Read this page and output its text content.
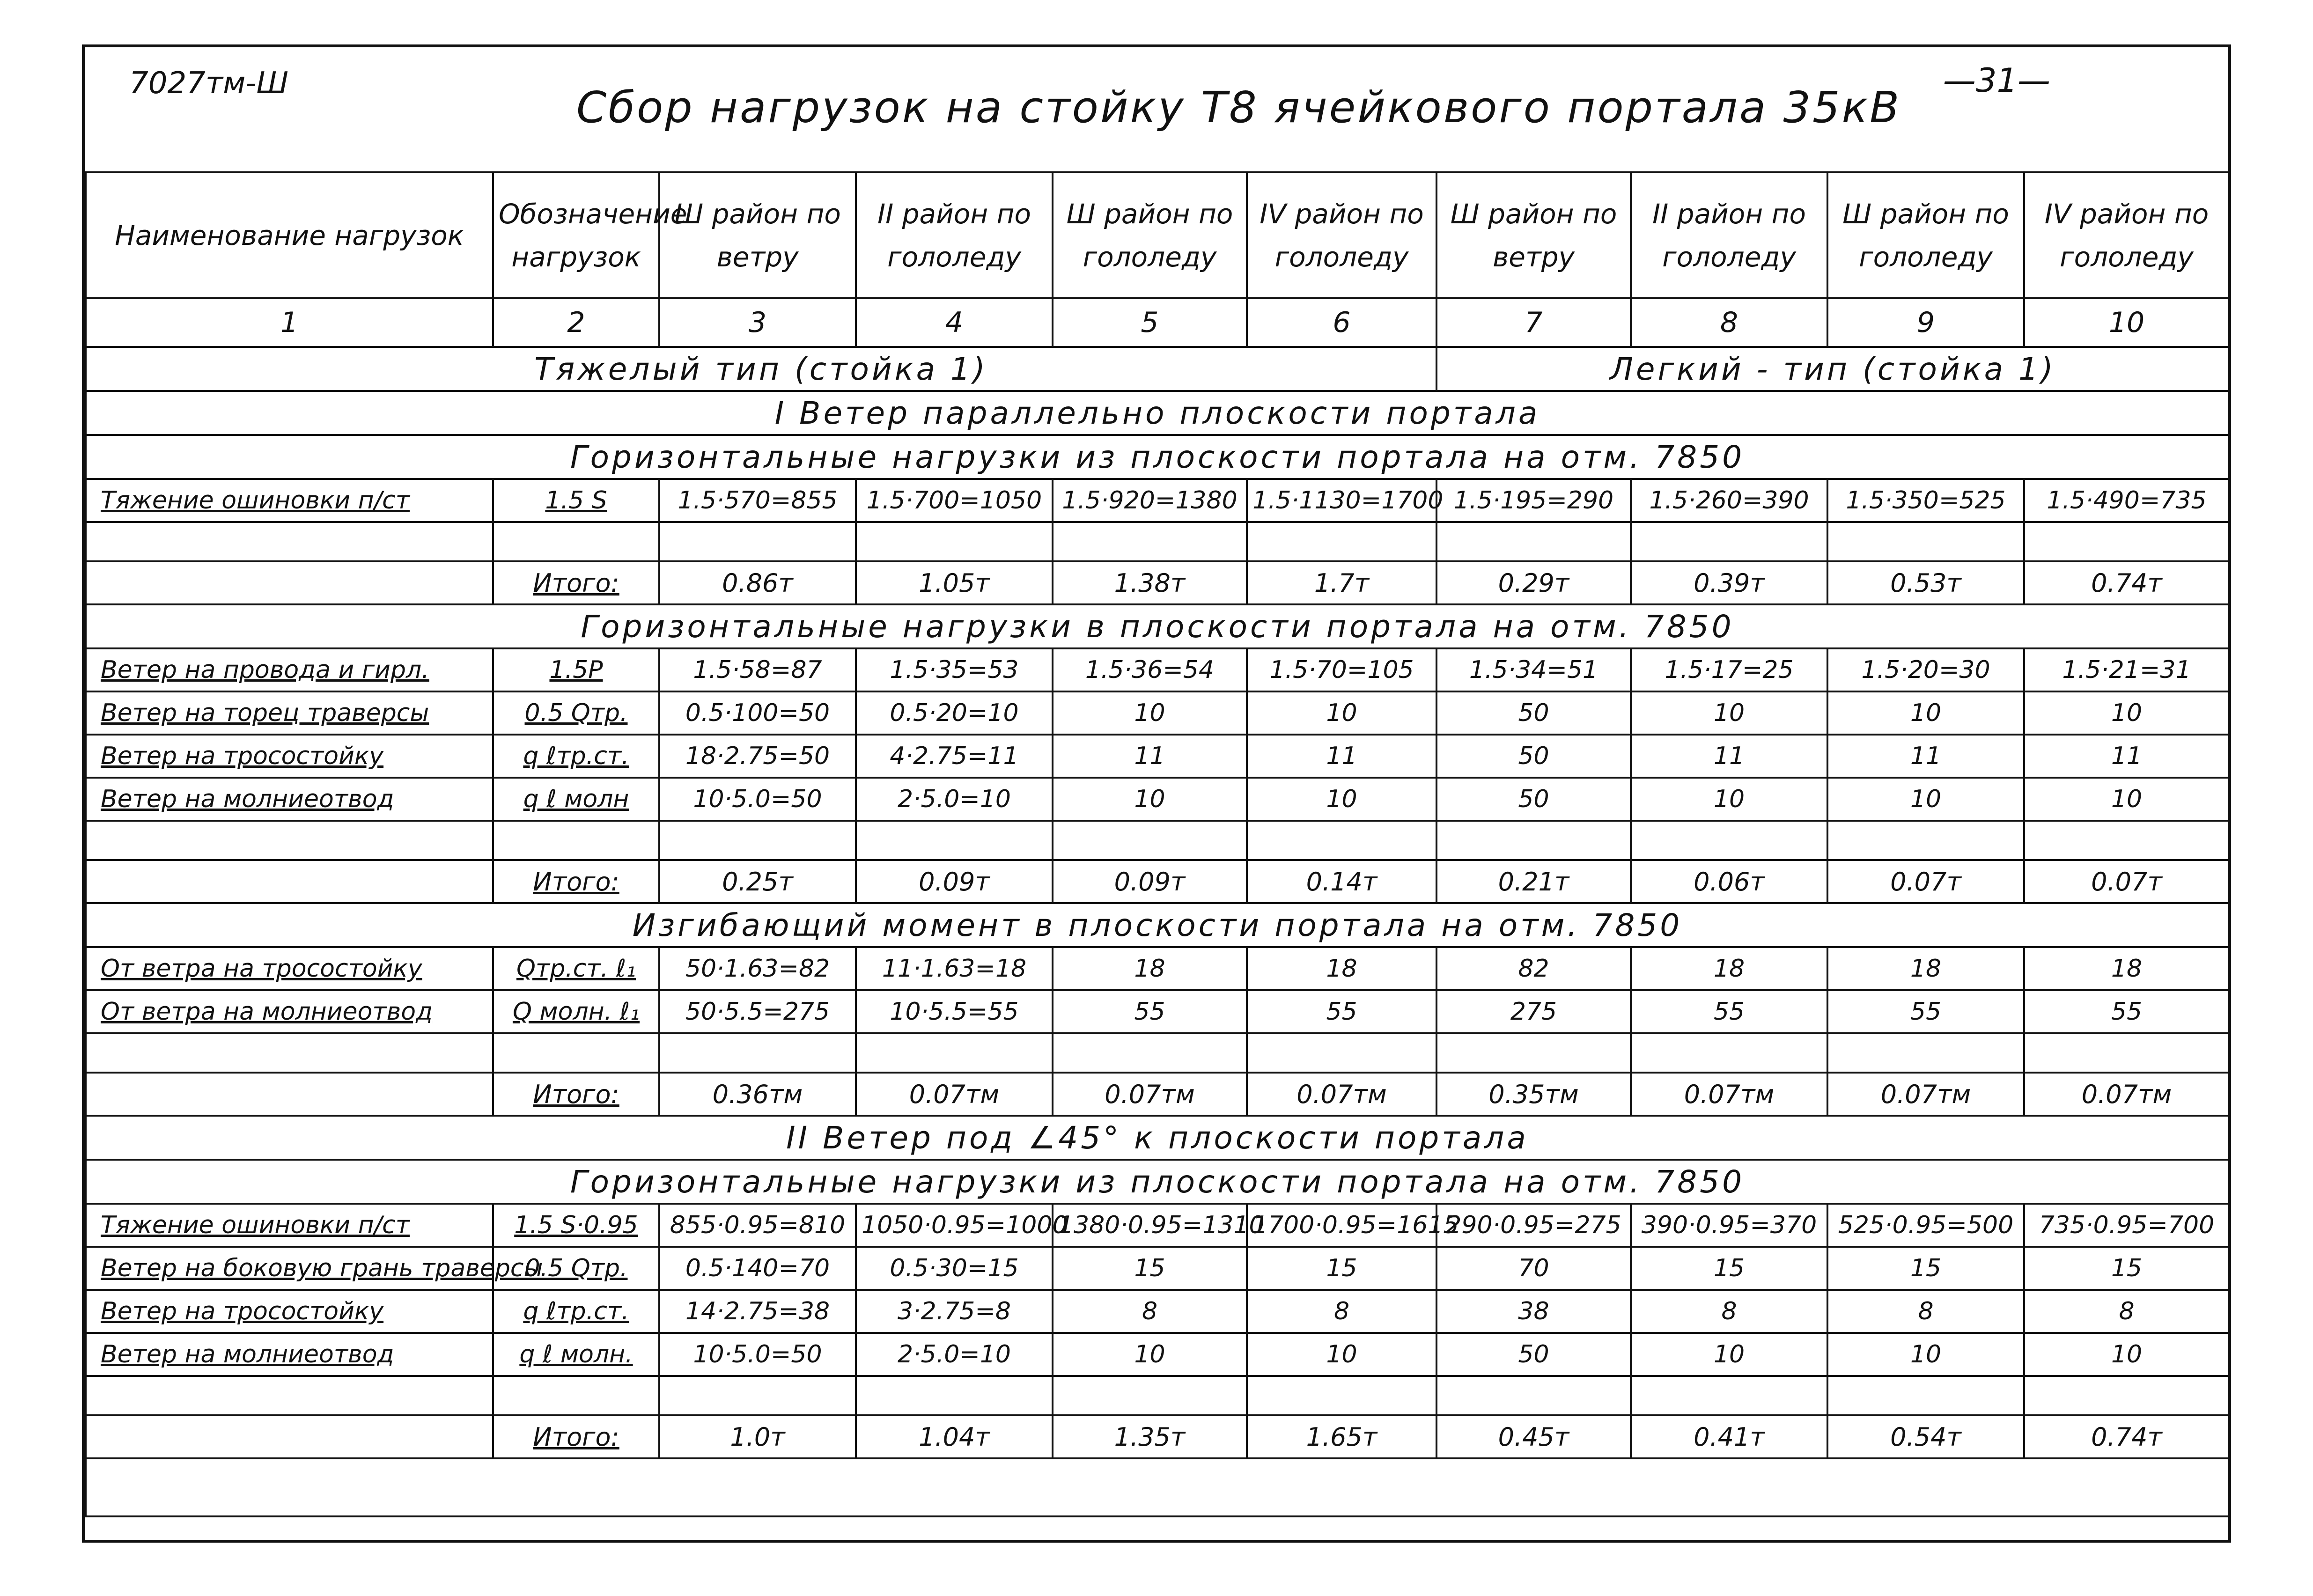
7027тм-Ш	—31—
Сбор нагрузок на стойку Т8 ячейкового портала 35кВ
Наименование нагрузок	Обозначение нагрузок	Ш район по ветру	II район по гололеду	Ш район по гололеду	IV район по гололеду	Ш район по ветру	II район по гололеду	Ш район по гололеду	IV район по гололеду
1	2	3	4	5	6	7	8	9	10
Тяжелый тип (стойка 1)						Легкий - тип (стойка 1)			
I Ветер параллельно плоскости портала									
Горизонтальные нагрузки из плоскости портала на отм. 7850									
Тяжение ошиновки п/ст	1.5 S	1.5·570=855	1.5·700=1050	1.5·920=1380	1.5·1130=1700	1.5·195=290	1.5·260=390	1.5·350=525	1.5·490=735

	Итого:	0.86т	1.05т	1.38т	1.7т	0.29т	0.39т	0.53т	0.74т
Горизонтальные нагрузки в плоскости портала на отм. 7850									
Ветер на провода и гирл.	1.5Р	1.5·58=87	1.5·35=53	1.5·36=54	1.5·70=105	1.5·34=51	1.5·17=25	1.5·20=30	1.5·21=31
Ветер на торец траверсы	0.5 Qтр.	0.5·100=50	0.5·20=10	10	10	50	10	10	10
Ветер на тросостойку	q ℓтр.ст.	18·2.75=50	4·2.75=11	11	11	50	11	11	11
Ветер на молниеотвод	q ℓ молн	10·5.0=50	2·5.0=10	10	10	50	10	10	10

	Итого:	0.25т	0.09т	0.09т	0.14т	0.21т	0.06т	0.07т	0.07т
Изгибающий момент в плоскости портала на отм. 7850									
От ветра на тросостойку	Qтр.ст. ℓ₁	50·1.63=82	11·1.63=18	18	18	82	18	18	18
От ветра на молниеотвод	Q молн. ℓ₁	50·5.5=275	10·5.5=55	55	55	275	55	55	55

	Итого:	0.36тм	0.07тм	0.07тм	0.07тм	0.35тм	0.07тм	0.07тм	0.07тм
II Ветер под ∠45° к плоскости портала									
Горизонтальные нагрузки из плоскости портала на отм. 7850									
Тяжение ошиновки п/ст	1.5 S·0.95	855·0.95=810	1050·0.95=1000	1380·0.95=1310	1700·0.95=1615	290·0.95=275	390·0.95=370	525·0.95=500	735·0.95=700
Ветер на боковую грань траверсы	0.5 Qтр.	0.5·140=70	0.5·30=15	15	15	70	15	15	15
Ветер на тросостойку	q ℓтр.ст.	14·2.75=38	3·2.75=8	8	8	38	8	8	8
Ветер на молниеотвод	q ℓ молн.	10·5.0=50	2·5.0=10	10	10	50	10	10	10

	Итого:	1.0т	1.04т	1.35т	1.65т	0.45т	0.41т	0.54т	0.74т
